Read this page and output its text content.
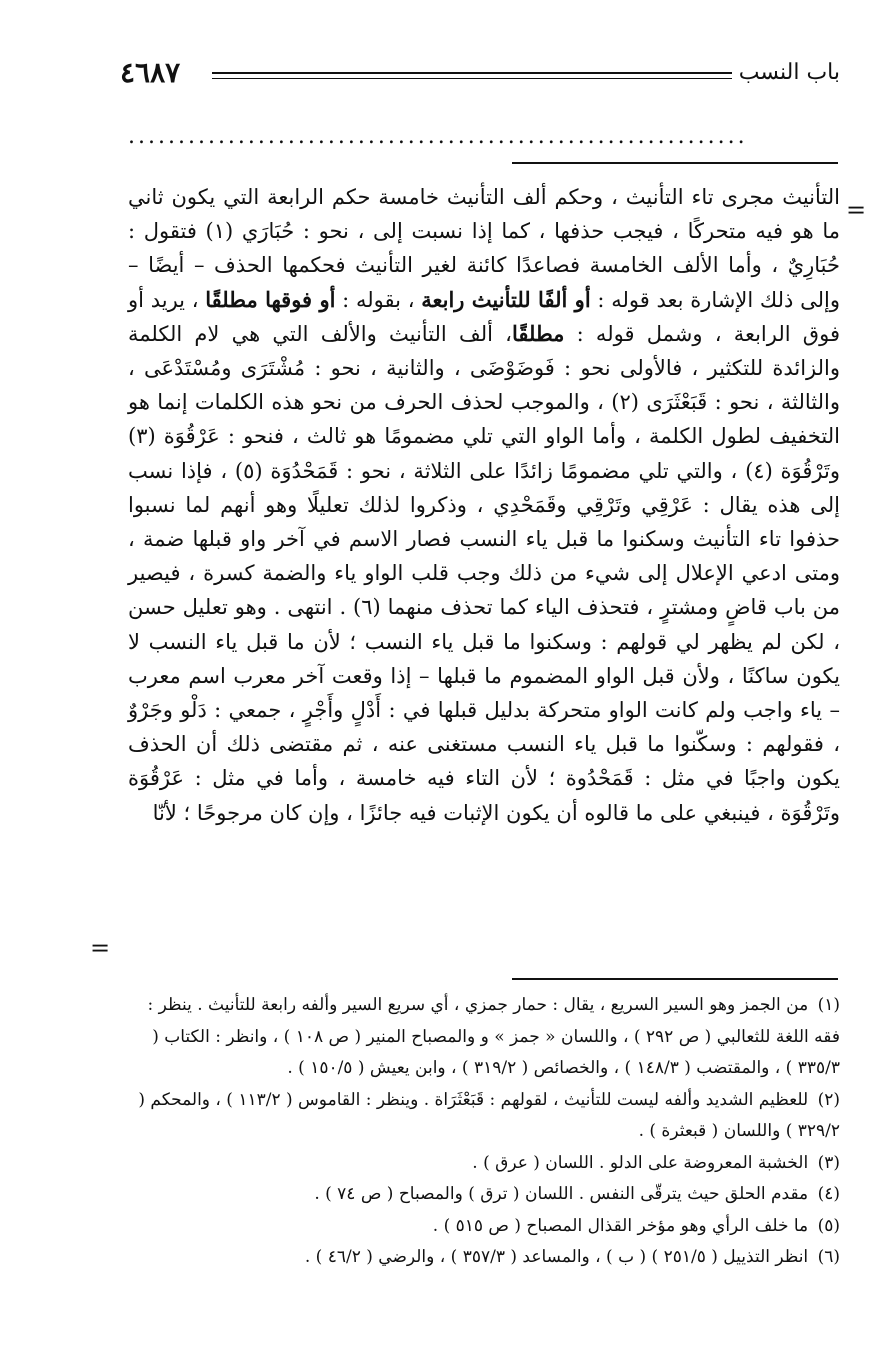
٤٦٨٧	باب النسب
..............................................................
=
التأنيث مجرى تاء التأنيث ، وحكم ألف التأنيث خامسة حكم الرابعة التي يكون ثاني ما هو فيه متحركًا ، فيجب حذفها ، كما إذا نسبت إلى ، نحو : حُبَارَي (١) فتقول : حُبَارِيٌ ، وأما الألف الخامسة فصاعدًا كائنة لغير التأنيث فحكمها الحذف – أيضًا – وإلى ذلك الإشارة بعد قوله : أو ألفًا للتأنيث رابعة ، بقوله : أو فوقها مطلقًا ، يريد أو فوق الرابعة ، وشمل قوله : مطلقًا، ألف التأنيث والألف التي هي لام الكلمة والزائدة للتكثير ، فالأولى نحو : فَوضَوْضَى ، والثانية ، نحو : مُشْتَرَى ومُسْتَدْعَى ، والثالثة ، نحو : قَبَعْثَرَى (٢) ، والموجب لحذف الحرف من نحو هذه الكلمات إنما هو التخفيف لطول الكلمة ، وأما الواو التي تلي مضمومًا هو ثالث ، فنحو : عَرْقُوَة (٣) وتَرْقُوَة (٤) ، والتي تلي مضمومًا زائدًا على الثلاثة ، نحو : قَمَحْدُوَة (٥) ، فإذا نسب إلى هذه يقال : عَرْقِي وتَرْقِي وقَمَحْدِي ، وذكروا لذلك تعليلًا وهو أنهم لما نسبوا حذفوا تاء التأنيث وسكنوا ما قبل ياء النسب فصار الاسم في آخر واو قبلها ضمة ، ومتى ادعي الإعلال إلى شيء من ذلك وجب قلب الواو ياء والضمة كسرة ، فيصير من باب قاضٍ ومشترٍ ، فتحذف الياء كما تحذف منهما (٦) . انتهى . وهو تعليل حسن ، لكن لم يظهر لي قولهم : وسكنوا ما قبل ياء النسب ؛ لأن ما قبل ياء النسب لا يكون ساكنًا ، ولأن قبل الواو المضموم ما قبلها – إذا وقعت آخر معرب اسم معرب – ياء واجب ولم كانت الواو متحركة بدليل قبلها في : أَدْلٍ وأَجْرٍ ، جمعي : دَلْو وجَرْوٌ ، فقولهم : وسكّنوا ما قبل ياء النسب مستغنى عنه ، ثم مقتضى ذلك أن الحذف يكون واجبًا في مثل : قَمَحْدُوة ؛ لأن التاء فيه خامسة ، وأما في مثل : عَرْقُوَة وتَرْقُوَة ، فينبغي على ما قالوه أن يكون الإثبات فيه جائزًا ، وإن كان مرجوحًا ؛ لأنّا
=
(١) من الجمز وهو السير السريع ، يقال : حمار جمزي ، أي سريع السير وألفه رابعة للتأنيث . ينظر : فقه اللغة للثعالبي ( ص ٢٩٢ ) ، واللسان « جمز » و والمصباح المنير ( ص ١٠٨ ) ، وانظر : الكتاب ( ٣٣٥/٣ ) ، والمقتضب ( ١٤٨/٣ ) ، والخصائص ( ٣١٩/٢ ) ، وابن يعيش ( ١٥٠/٥ ) .
(٢) للعظيم الشديد وألفه ليست للتأنيث ، لقولهم : قَبَعْثَرَاة . وينظر : القاموس ( ١١٣/٢ ) ، والمحكم ( ٣٢٩/٢ ) واللسان ( قبعثرة ) .
(٣) الخشبة المعروضة على الدلو . اللسان ( عرق ) .
(٤) مقدم الحلق حيث يترقّى النفس . اللسان ( ترق ) والمصباح ( ص ٧٤ ) .
(٥) ما خلف الرأي وهو مؤخر القذال المصباح ( ص ٥١٥ ) .
(٦) انظر التذييل ( ٢٥١/٥ ) ( ب ) ، والمساعد ( ٣٥٧/٣ ) ، والرضي ( ٤٦/٢ ) .
